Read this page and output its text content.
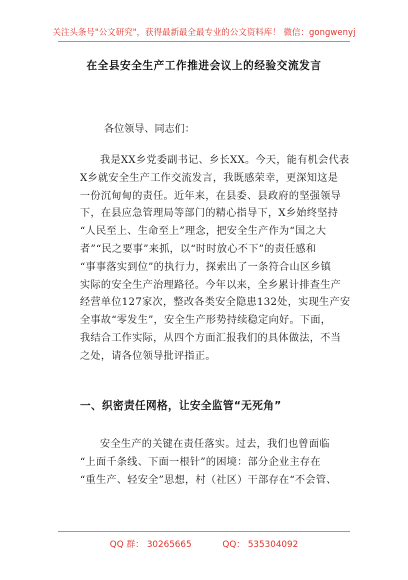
关注头条号"公文研究"，获得最新最全最专业的公文资料库！ 微信：gongwenyj
在全县安全生产工作推进会议上的经验交流发言
各位领导、同志们：
我是XX乡党委副书记、乡长XX。今天，能有机会代表
X乡就安全生产工作交流发言，我既感荣幸，更深知这是
一份沉甸甸的责任。近年来，在县委、县政府的坚强领导
下，在县应急管理局等部门的精心指导下，X乡始终坚持
“人民至上、生命至上”理念，把安全生产作为“国之大
者”“民之要事”来抓，以“时时放心不下”的责任感和
“事事落实到位”的执行力，探索出了一条符合山区乡镇
实际的安全生产治理路径。今年以来，全乡累计排查生产
经营单位127家次，整改各类安全隐患132处，实现生产安
全事故“零发生”，安全生产形势持续稳定向好。下面，
我结合工作实际，从四个方面汇报我们的具体做法，不当
之处，请各位领导批评指正。
一、织密责任网格，让安全监管“无死角”
安全生产的关键在责任落实。过去，我们也曾面临
“上面千条线、下面一根针”的困境：部分企业主存在
“重生产、轻安全”思想，村（社区）干部存在“不会管、
QQ 群： 30265665	QQ： 535304092
